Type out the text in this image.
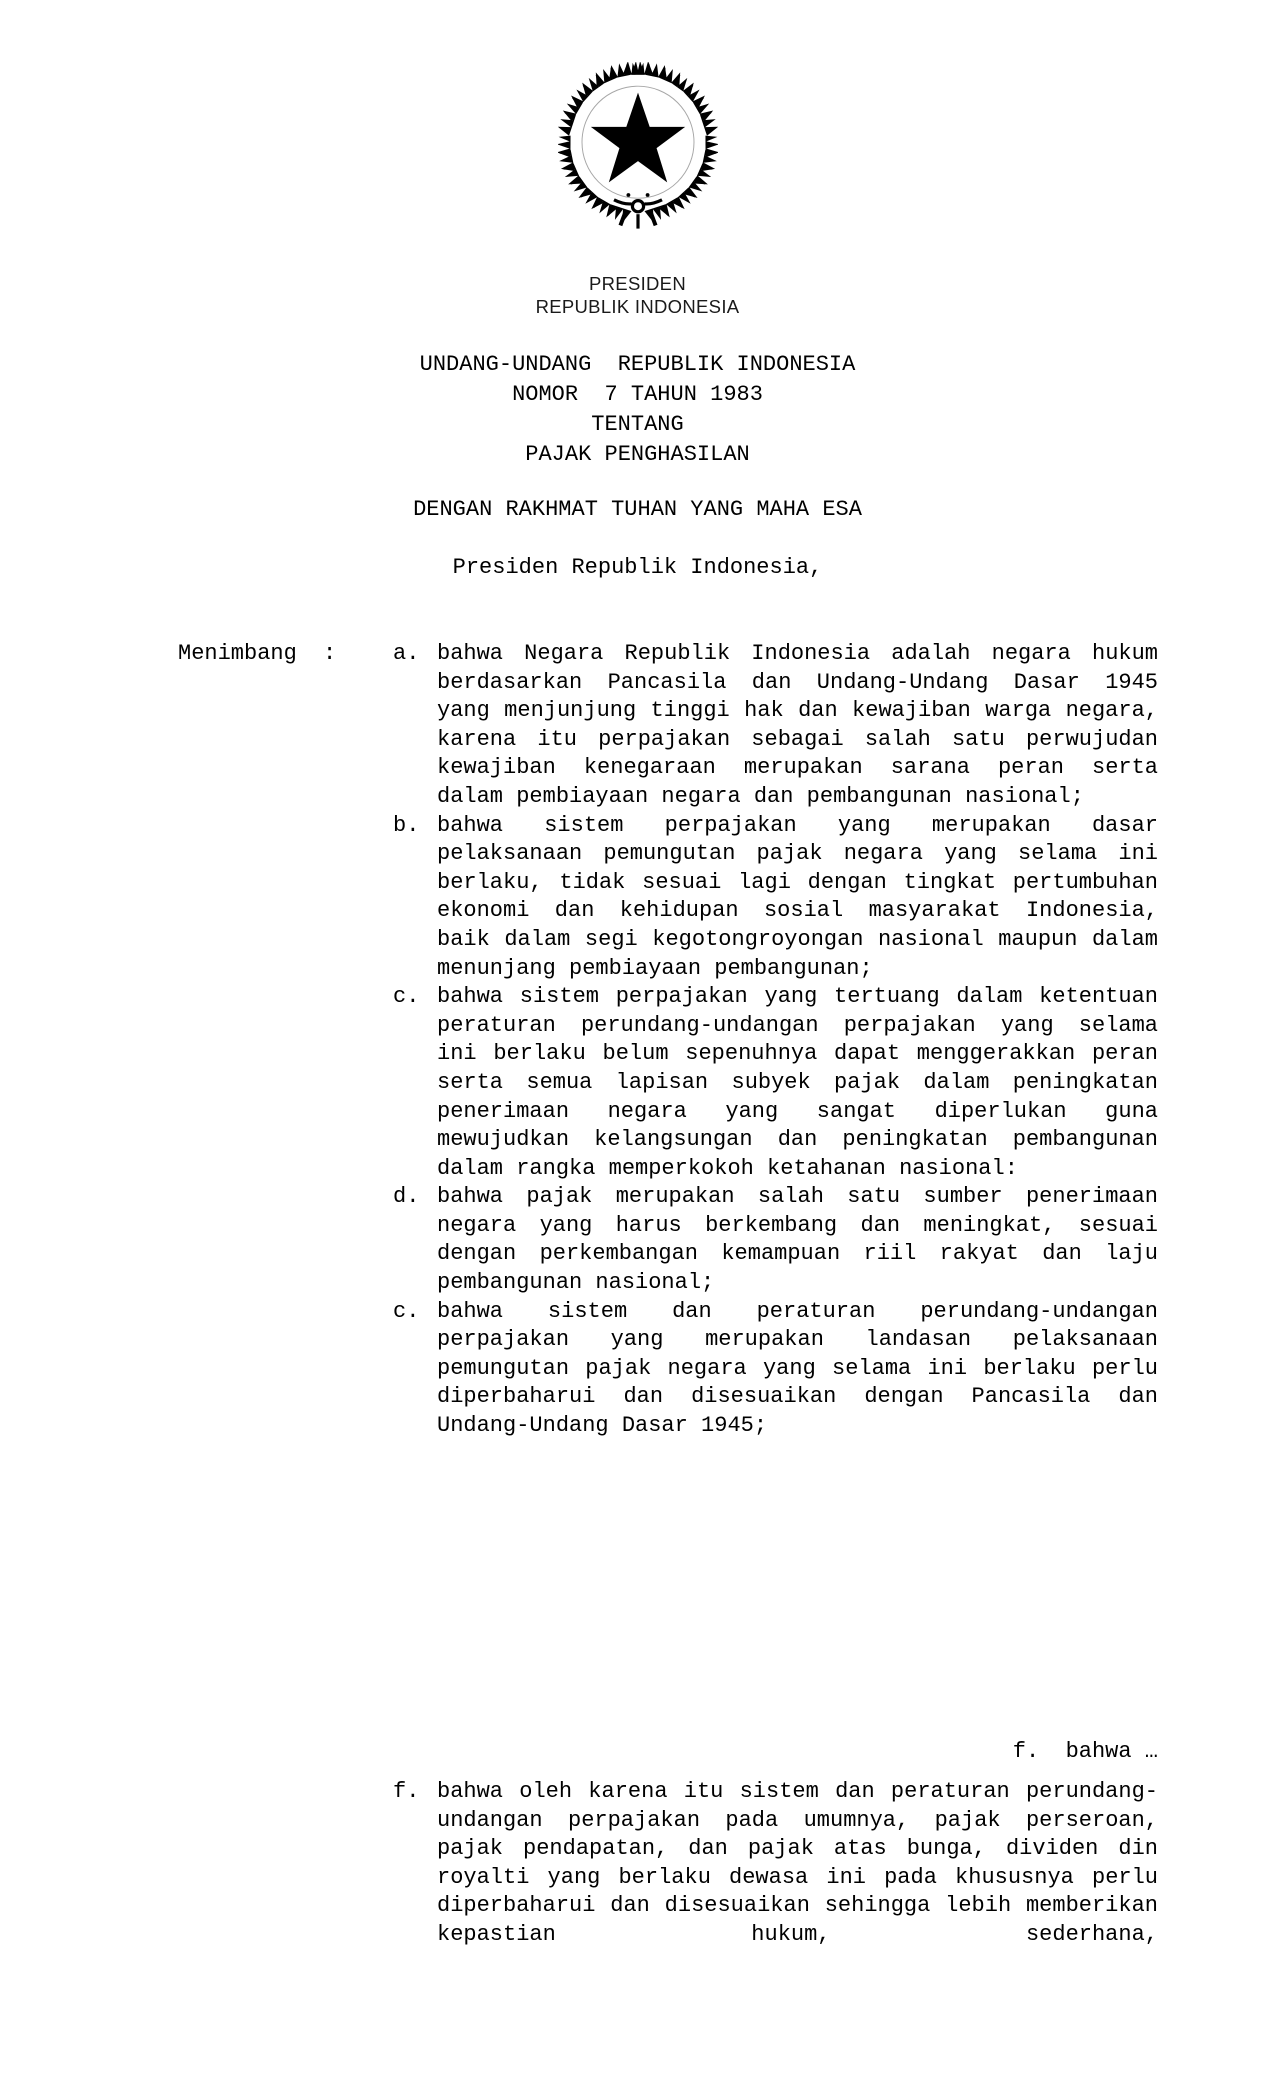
PRESIDEN
REPUBLIK INDONESIA
UNDANG-UNDANG  REPUBLIK INDONESIA
NOMOR  7 TAHUN 1983
TENTANG
PAJAK PENGHASILAN
DENGAN RAKHMAT TUHAN YANG MAHA ESA
Presiden Republik Indonesia,
Menimbang	:	a. bahwa Negara Republik Indonesia adalah negara hukum berdasarkan Pancasila dan Undang-Undang Dasar 1945 yang menjunjung tinggi hak dan kewajiban warga negara, karena itu perpajakan sebagai salah satu perwujudan kewajiban kenegaraan merupakan sarana peran serta dalam pembiayaan negara dan pembangunan nasional;
b. bahwa sistem perpajakan yang merupakan dasar pelaksanaan pemungutan pajak negara yang selama ini berlaku, tidak sesuai lagi dengan tingkat pertumbuhan ekonomi dan kehidupan sosial masyarakat Indonesia, baik dalam segi kegotongroyongan nasional maupun dalam menunjang pembiayaan pembangunan;
c. bahwa sistem perpajakan yang tertuang dalam ketentuan peraturan perundang-undangan perpajakan yang selama ini berlaku belum sepenuhnya dapat menggerakkan peran serta semua lapisan subyek pajak dalam peningkatan penerimaan negara yang sangat diperlukan guna mewujudkan kelangsungan dan peningkatan pembangunan dalam rangka memperkokoh ketahanan nasional:
d. bahwa pajak merupakan salah satu sumber penerimaan negara yang harus berkembang dan meningkat, sesuai dengan perkembangan kemampuan riil rakyat dan laju pembangunan nasional;
c. bahwa sistem dan peraturan perundang-undangan perpajakan yang merupakan landasan pelaksanaan pemungutan pajak negara yang selama ini berlaku perlu diperbaharui dan disesuaikan dengan Pancasila dan Undang-Undang Dasar 1945;
f.  bahwa …
f. bahwa oleh karena itu sistem dan peraturan perundang-undangan perpajakan pada umumnya, pajak perseroan, pajak pendapatan, dan pajak atas bunga, dividen din royalti yang berlaku dewasa ini pada khususnya perlu diperbaharui dan disesuaikan sehingga lebih memberikan kepastian hukum, sederhana,
